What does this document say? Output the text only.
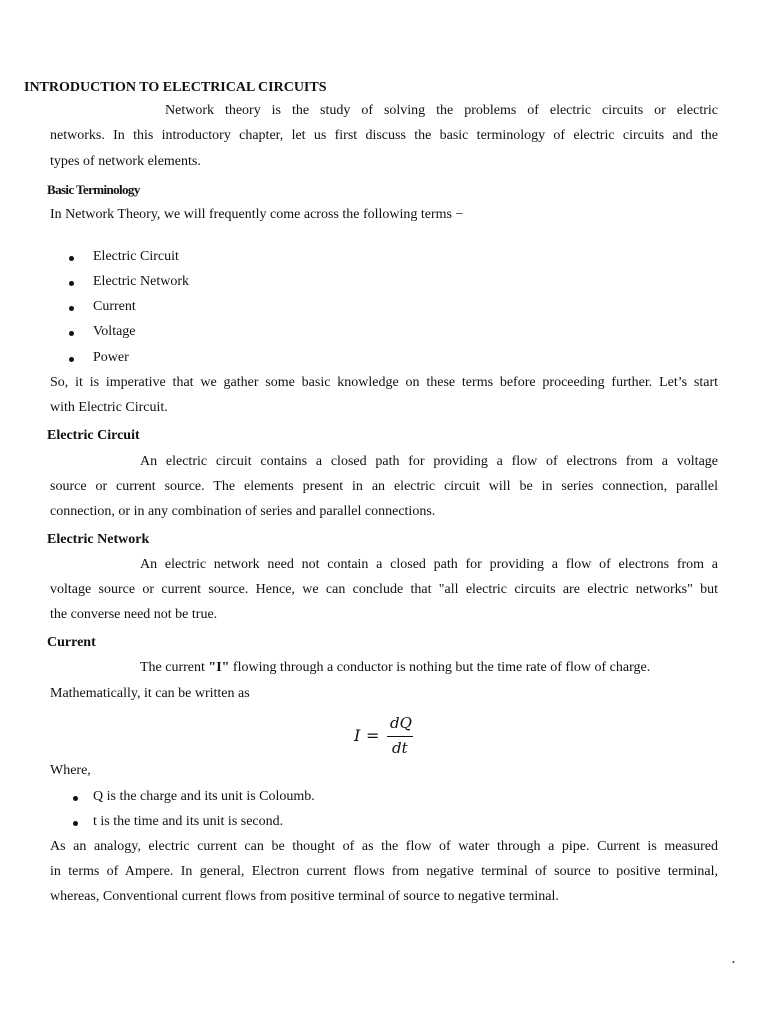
INTRODUCTION TO ELECTRICAL CIRCUITS
Network theory is the study of solving the problems of electric circuits or electric
networks. In this introductory chapter, let us first discuss the basic terminology of electric circuits and the
types of network elements.
Basic Terminology
In Network Theory, we will frequently come across the following terms −
Electric Circuit
Electric Network
Current
Voltage
Power
So, it is imperative that we gather some basic knowledge on these terms before proceeding further. Let’s start
with Electric Circuit.
Electric Circuit
An electric circuit contains a closed path for providing a flow of electrons from a voltage
source or current source. The elements present in an electric circuit will be in series connection, parallel
connection, or in any combination of series and parallel connections.
Electric Network
An electric network need not contain a closed path for providing a flow of electrons from a
voltage source or current source. Hence, we can conclude that "all electric circuits are electric networks" but
the converse need not be true.
Current
The current "I" flowing through a conductor is nothing but the time rate of flow of charge.
Mathematically, it can be written as
I =
dQ
dt
Where,
Q is the charge and its unit is Coloumb.
t is the time and its unit is second.
As an analogy, electric current can be thought of as the flow of water through a pipe. Current is measured
in terms of Ampere. In general, Electron current flows from negative terminal of source to positive terminal,
whereas, Conventional current flows from positive terminal of source to negative terminal.
•
